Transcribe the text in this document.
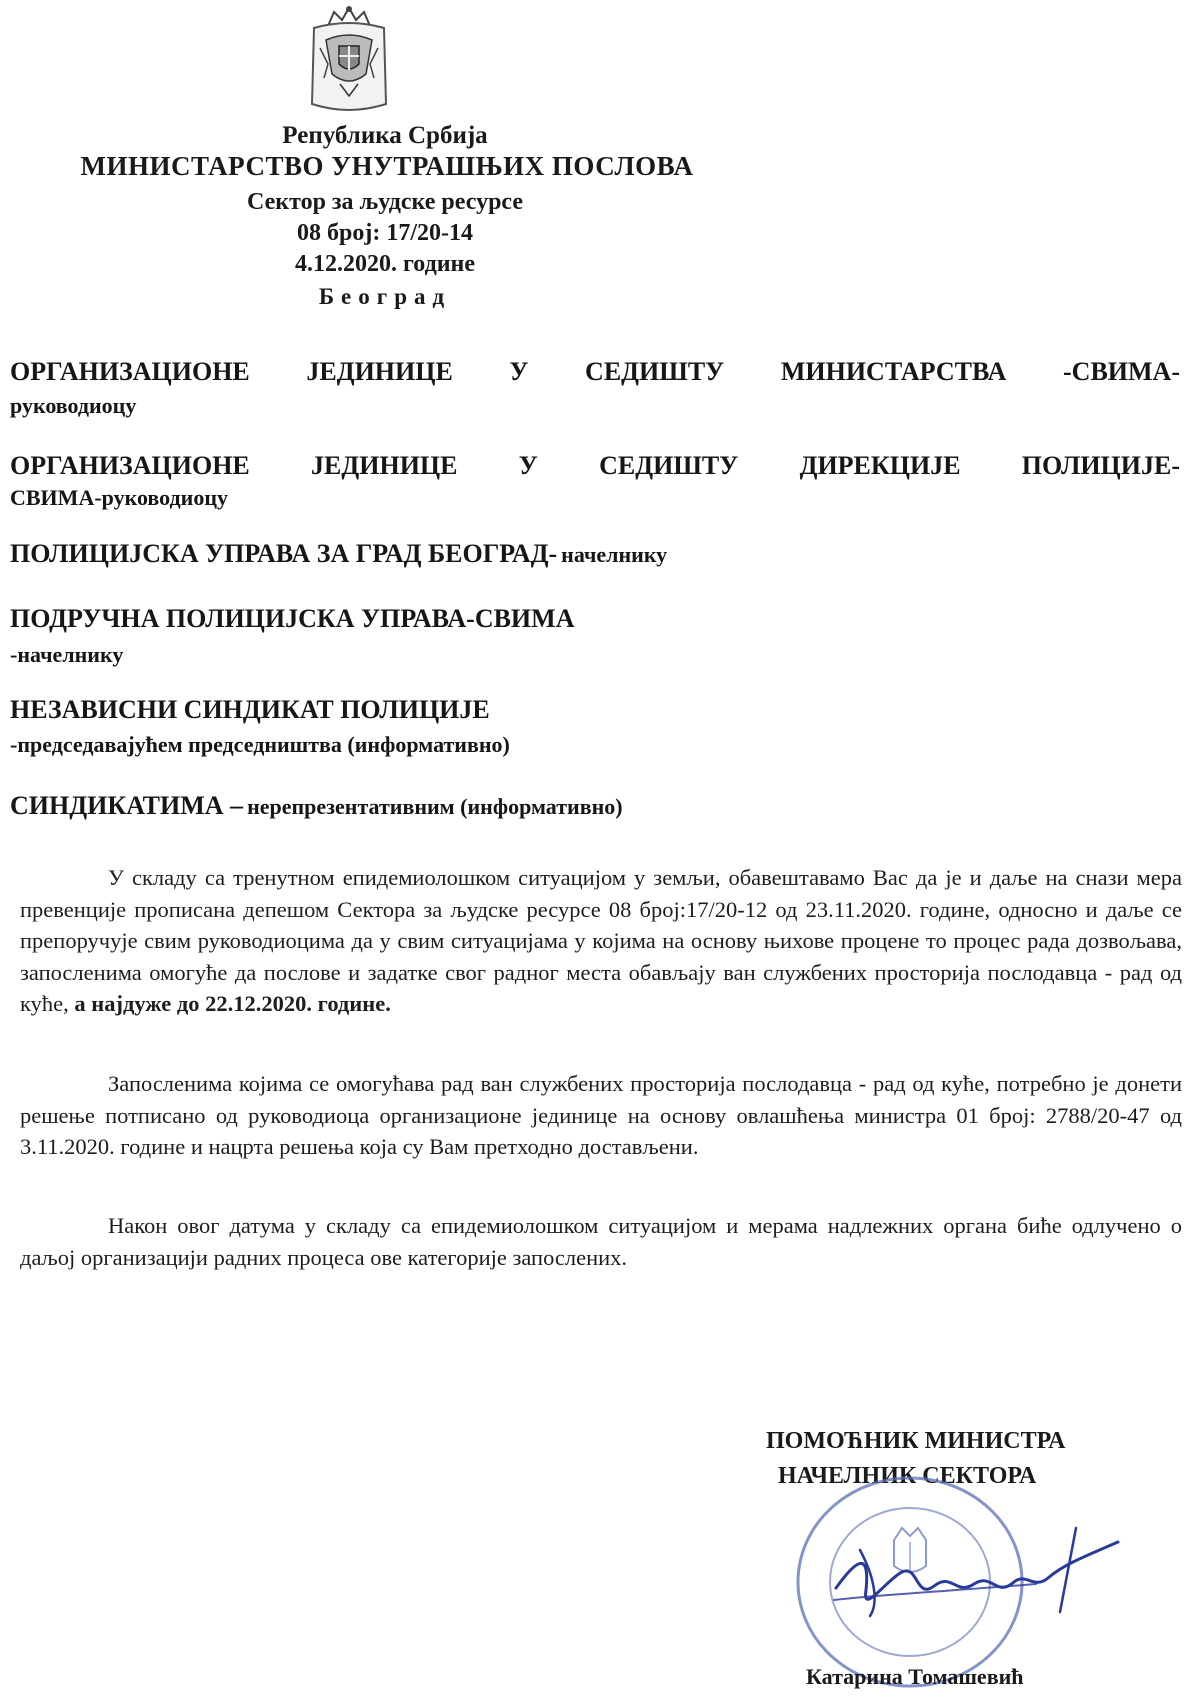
Република Србија
МИНИСТАРСТВО УНУТРАШЊИХ ПОСЛОВА
Сектор за људске ресурсе
08 број: 17/20-14
4.12.2020. године
Београд
ОРГАНИЗАЦИОНЕ ЈЕДИНИЦЕ У СЕДИШТУ МИНИСТАРСТВА -СВИМА-
руководиоцу
ОРГАНИЗАЦИОНЕ ЈЕДИНИЦЕ У СЕДИШТУ ДИРЕКЦИЈЕ ПОЛИЦИЈЕ-
СВИМА-руководиоцу
ПОЛИЦИЈСКА УПРАВА ЗА ГРАД БЕОГРАД- начелнику
ПОДРУЧНА ПОЛИЦИЈСКА УПРАВА-СВИМА
-начелнику
НЕЗАВИСНИ СИНДИКАТ ПОЛИЦИЈЕ
-председавајућем председништва (информативно)
СИНДИКАТИМА – нерепрезентативним (информативно)
У складу са тренутном епидемиолошком ситуацијом у земљи, обавештавамо Вас да је и даље на снази мера превенције прописана депешом Сектора за људске ресурсе 08 број:17/20-12 од 23.11.2020. године, односно и даље се препоручује свим руководиоцима да у свим ситуацијама у којима на основу њихове процене то процес рада дозвољава, запосленима омогуће да послове и задатке свог радног места обављају ван службених просторија послодавца - рад од куће, а најдуже до 22.12.2020. године.
Запосленима којима се омогућава рад ван службених просторија послодавца - рад од куће, потребно је донети решење потписано од руководиоца организационе јединице на основу овлашћења министра 01 број: 2788/20-47 од 3.11.2020. године и нацрта решења која су Вам претходно достављени.
Након овог датума у складу са епидемиолошком ситуацијом и мерама надлежних органа биће одлучено о даљој организацији радних процеса ове категорије запослених.
ПОМОЋНИК МИНИСТРА
НАЧЕЛНИК СЕКТОРА
Катарина Томашевић
